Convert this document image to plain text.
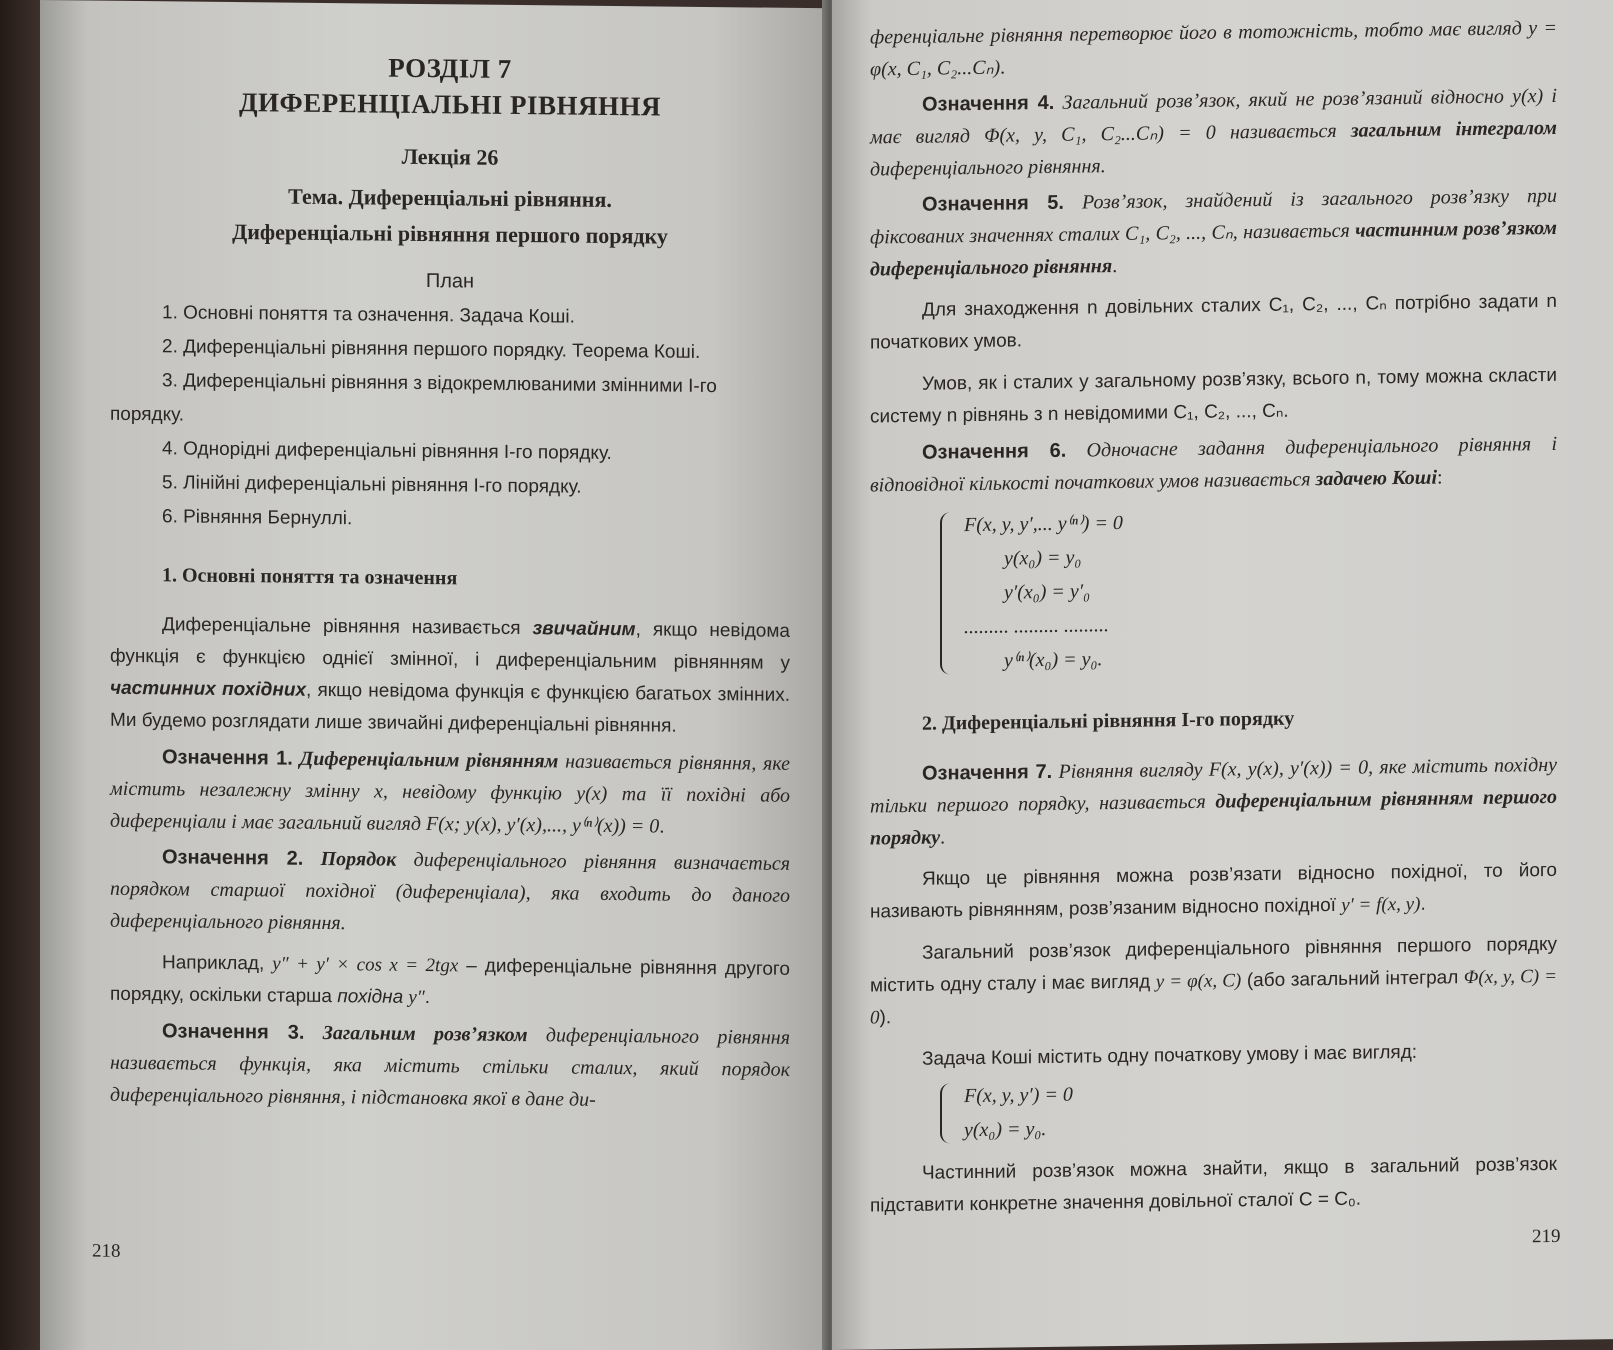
РОЗДІЛ 7
ДИФЕРЕНЦІАЛЬНІ РІВНЯННЯ
Лекція 26
Тема. Диференціальні рівняння.
Диференціальні рівняння першого порядку
План
1. Основні поняття та означення. Задача Коші.
2. Диференціальні рівняння першого порядку. Теорема Коші.
3. Диференціальні рівняння з відокремлюваними змінними І-го порядку.
4. Однорідні диференціальні рівняння І-го порядку.
5. Лінійні диференціальні рівняння І-го порядку.
6. Рівняння Бернуллі.
1. Основні поняття та означення

Диференціальне рівняння називається звичайним, якщо невідома функція є функцією однієї змінної, і диференціальним рівнянням у частинних похідних, якщо невідома функція є функцією багатьох змінних. Ми будемо розглядати лише звичайні диференціальні рівняння.

Означення 1. Диференціальним рівнянням називається рівняння, яке містить незалежну змінну x, невідому функцію y(x) та її похідні або диференціали і має загальний вигляд F(x; y(x), y′(x),..., y⁽ⁿ⁾(x)) = 0.

Означення 2. Порядок диференціального рівняння визначається порядком старшої похідної (диференціала), яка входить до даного диференціального рівняння.

Наприклад, y″ + y′ × cos x = 2tgx – диференціальне рівняння другого порядку, оскільки старша похідна y″.

Означення 3. Загальним розв’язком диференціального рівняння називається функція, яка містить стільки сталих, який порядок диференціального рівняння, і підстановка якої в дане ди-

218

ференціальне рівняння перетворює його в тотожність, тобто має вигляд y = φ(x, C₁, C₂...Cₙ).

Означення 4. Загальний розв’язок, який не розв’язаний відносно y(x) і має вигляд Φ(x, y, C₁, C₂...Cₙ) = 0 називається загальним інтегралом диференціального рівняння.

Означення 5. Розв’язок, знайдений із загального розв’язку при фіксованих значеннях сталих C₁, C₂, ..., Cₙ, називається частинним розв’язком диференціального рівняння.

Для знаходження n довільних сталих C₁, C₂, ..., Cₙ потрібно задати n початкових умов.

Умов, як і сталих у загальному розв’язку, всього n, тому можна скласти систему n рівнянь з n невідомими C₁, C₂, ..., Cₙ.

Означення 6. Одночасне задання диференціального рівняння і відповідної кількості початкових умов називається задачею Коші:

F(x, y, y′,... y⁽ⁿ⁾) = 0
y(x₀) = y₀
y′(x₀) = y′₀
......... ......... .........
y⁽ⁿ⁾(x₀) = y₀.
2. Диференціальні рівняння І-го порядку

Означення 7. Рівняння вигляду F(x, y(x), y′(x)) = 0, яке містить похідну тільки першого порядку, називається диференціальним рівнянням першого порядку.

Якщо це рівняння можна розв’язати відносно похідної, то його називають рівнянням, розв’язаним відносно похідної y′ = f(x, y).

Загальний розв’язок диференціального рівняння першого порядку містить одну сталу і має вигляд y = φ(x, C) (або загальний інтеграл Φ(x, y, C) = 0).

Задача Коші містить одну початкову умову і має вигляд:

F(x, y, y′) = 0
y(x₀) = y₀.

Частинний розв’язок можна знайти, якщо в загальний розв’язок підставити конкретне значення довільної сталої C = C₀.

219
